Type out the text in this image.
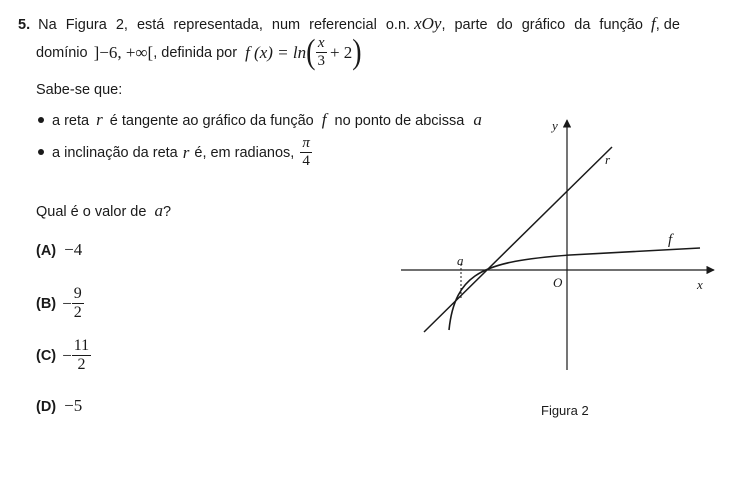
5. Na Figura 2, está representada, num referencial o.n. xOy, parte do gráfico da função f, de
domínio ]−6, +∞[ , definida por f (x) = ln ( $\frac{x}{3} + 2$ )
Sabe-se que:
a reta r é tangente ao gráfico da função f no ponto de abcissa a
a inclinação da reta r é, em radianos, $\frac{\pi}{4}$
Qual é o valor de a?
(A) −4
$(B) - \frac{9}{2}$
$(C) - \frac{11}{2}$
(D) −5
y
x
O
r
f
a
Figura 2
